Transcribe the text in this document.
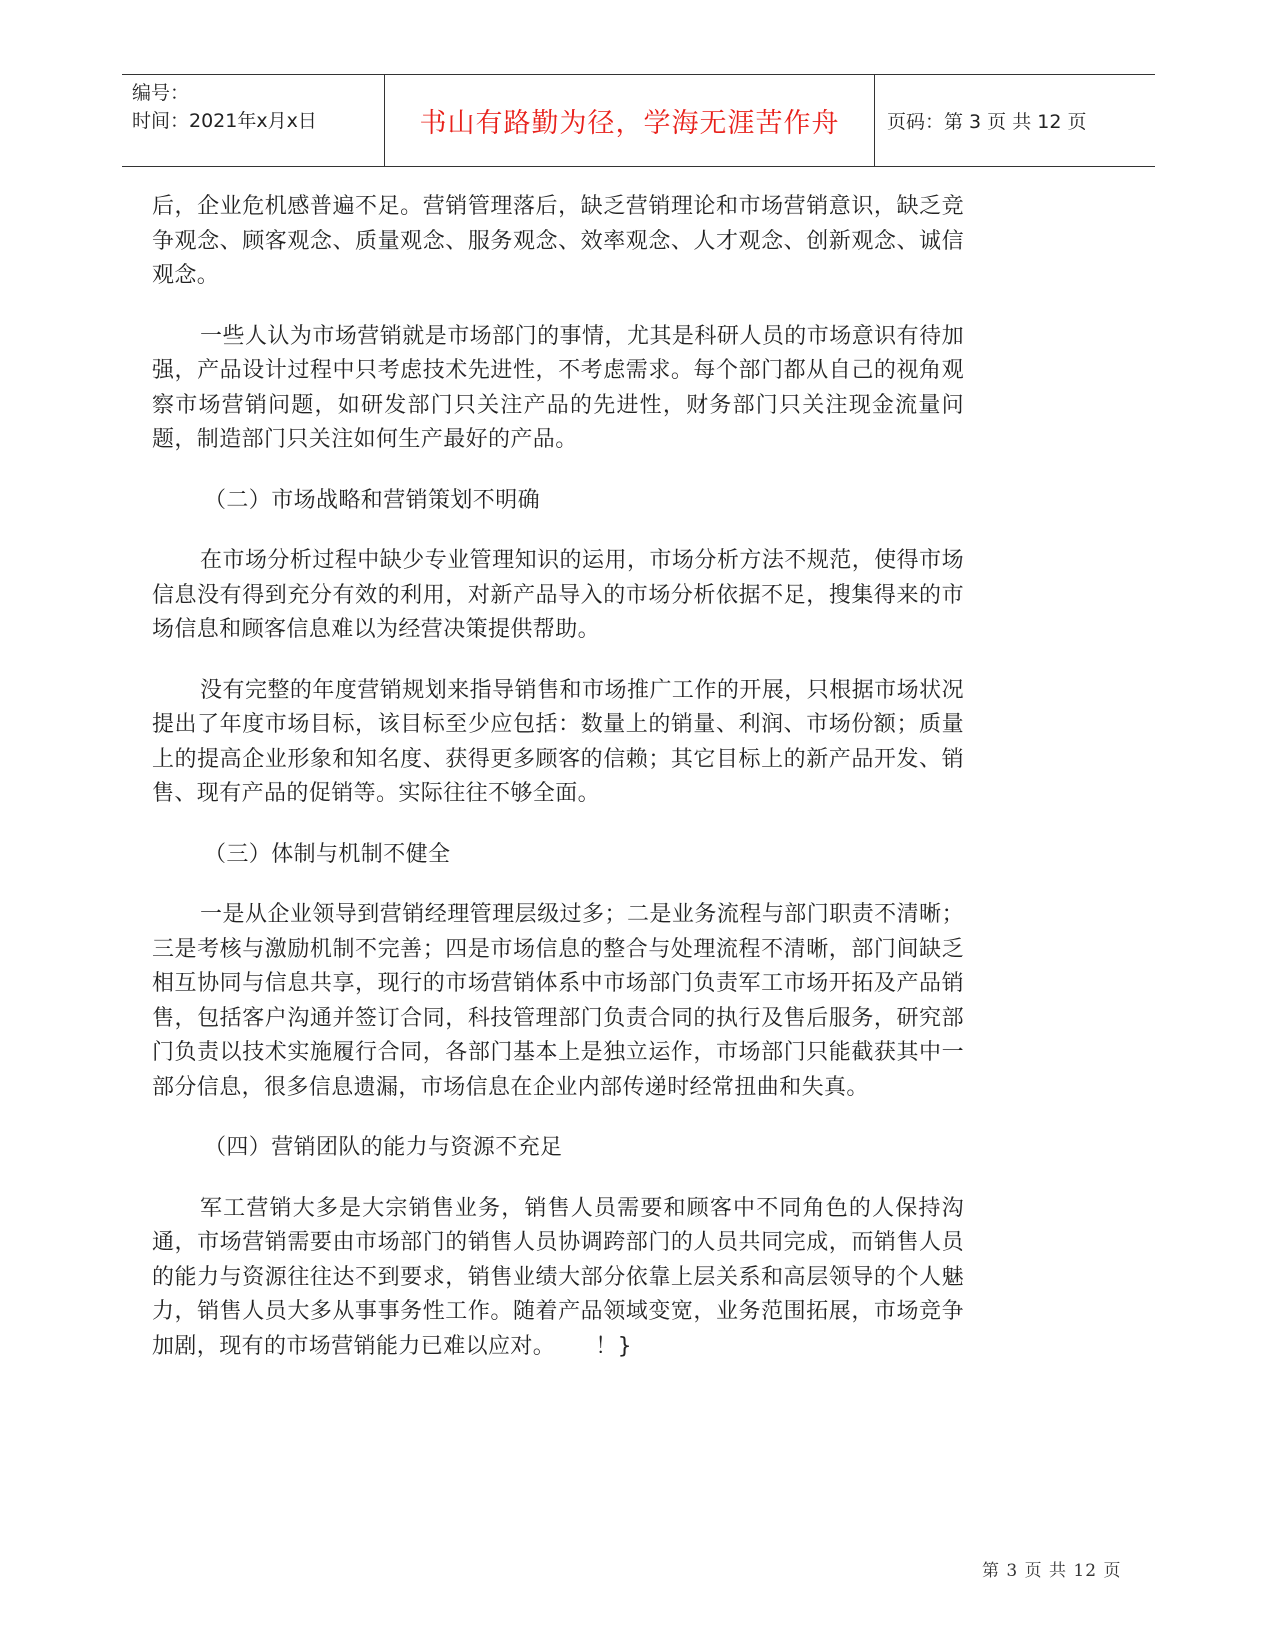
编号：
时间：2021年x月x日	书山有路勤为径，学海无涯苦作舟	页码：第 3 页 共 12 页

后，企业危机感普遍不足。营销管理落后，缺乏营销理论和市场营销意识，缺乏竞争观念、顾客观念、质量观念、服务观念、效率观念、人才观念、创新观念、诚信观念。

一些人认为市场营销就是市场部门的事情，尤其是科研人员的市场意识有待加强，产品设计过程中只考虑技术先进性，不考虑需求。每个部门都从自己的视角观察市场营销问题，如研发部门只关注产品的先进性，财务部门只关注现金流量问题，制造部门只关注如何生产最好的产品。

（二）市场战略和营销策划不明确

在市场分析过程中缺少专业管理知识的运用，市场分析方法不规范，使得市场信息没有得到充分有效的利用，对新产品导入的市场分析依据不足，搜集得来的市场信息和顾客信息难以为经营决策提供帮助。

没有完整的年度营销规划来指导销售和市场推广工作的开展，只根据市场状况提出了年度市场目标，该目标至少应包括：数量上的销量、利润、市场份额；质量上的提高企业形象和知名度、获得更多顾客的信赖；其它目标上的新产品开发、销售、现有产品的促销等。实际往往不够全面。

（三）体制与机制不健全

一是从企业领导到营销经理管理层级过多；二是业务流程与部门职责不清晰；三是考核与激励机制不完善；四是市场信息的整合与处理流程不清晰，部门间缺乏相互协同与信息共享，现行的市场营销体系中市场部门负责军工市场开拓及产品销售，包括客户沟通并签订合同，科技管理部门负责合同的执行及售后服务，研究部门负责以技术实施履行合同，各部门基本上是独立运作，市场部门只能截获其中一部分信息，很多信息遗漏，市场信息在企业内部传递时经常扭曲和失真。

（四）营销团队的能力与资源不充足

军工营销大多是大宗销售业务，销售人员需要和顾客中不同角色的人保持沟通，市场营销需要由市场部门的销售人员协调跨部门的人员共同完成，而销售人员的能力与资源往往达不到要求，销售业绩大部分依靠上层关系和高层领导的个人魅力，销售人员大多从事事务性工作。随着产品领域变宽，业务范围拓展，市场竞争加剧，现有的市场营销能力已难以应对。 ！}

第 3 页 共 12 页
